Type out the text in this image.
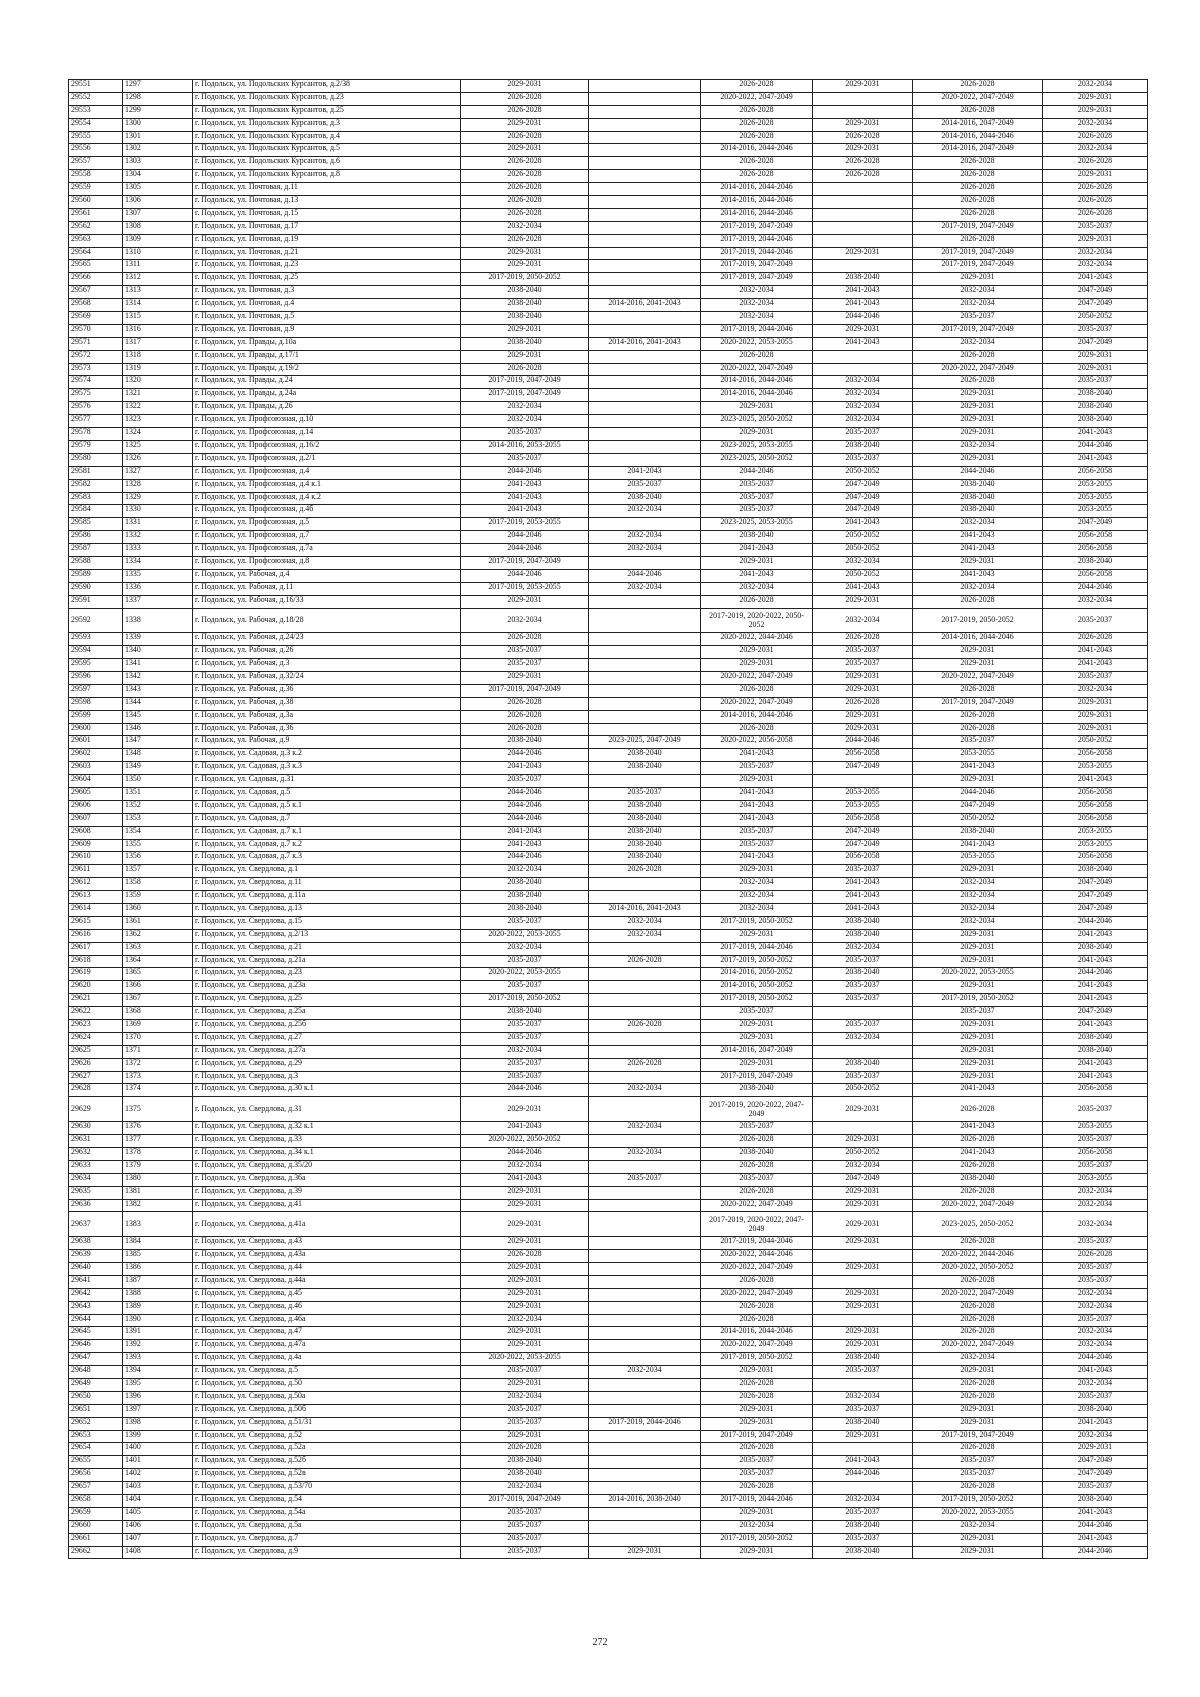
29551	1297	г. Подольск, ул. Подольских Курсантов, д.2/38	2029-2031		2026-2028	2029-2031	2026-2028	2032-2034
29552	1298	г. Подольск, ул. Подольских Курсантов, д.23	2026-2028		2020-2022, 2047-2049		2020-2022, 2047-2049	2029-2031
29553	1299	г. Подольск, ул. Подольских Курсантов, д.25	2026-2028		2026-2028		2026-2028	2029-2031
29554	1300	г. Подольск, ул. Подольских Курсантов, д.3	2029-2031		2026-2028	2029-2031	2014-2016, 2047-2049	2032-2034
29555	1301	г. Подольск, ул. Подольских Курсантов, д.4	2026-2028		2026-2028	2026-2028	2014-2016, 2044-2046	2026-2028
29556	1302	г. Подольск, ул. Подольских Курсантов, д.5	2029-2031		2014-2016, 2044-2046	2029-2031	2014-2016, 2047-2049	2032-2034
29557	1303	г. Подольск, ул. Подольских Курсантов, д.6	2026-2028		2026-2028	2026-2028	2026-2028	2026-2028
29558	1304	г. Подольск, ул. Подольских Курсантов, д.8	2026-2028		2026-2028	2026-2028	2026-2028	2029-2031
29559	1305	г. Подольск, ул. Почтовая, д.11	2026-2028		2014-2016, 2044-2046		2026-2028	2026-2028
29560	1306	г. Подольск, ул. Почтовая, д.13	2026-2028		2014-2016, 2044-2046		2026-2028	2026-2028
29561	1307	г. Подольск, ул. Почтовая, д.15	2026-2028		2014-2016, 2044-2046		2026-2028	2026-2028
29562	1308	г. Подольск, ул. Почтовая, д.17	2032-2034		2017-2019, 2047-2049		2017-2019, 2047-2049	2035-2037
29563	1309	г. Подольск, ул. Почтовая, д.19	2026-2028		2017-2019, 2044-2046		2026-2028	2029-2031
29564	1310	г. Подольск, ул. Почтовая, д.21	2029-2031		2017-2019, 2044-2046	2029-2031	2017-2019, 2047-2049	2032-2034
29565	1311	г. Подольск, ул. Почтовая, д.23	2029-2031		2017-2019, 2047-2049		2017-2019, 2047-2049	2032-2034
29566	1312	г. Подольск, ул. Почтовая, д.25	2017-2019, 2050-2052		2017-2019, 2047-2049	2038-2040	2029-2031	2041-2043
29567	1313	г. Подольск, ул. Почтовая, д.3	2038-2040		2032-2034	2041-2043	2032-2034	2047-2049
29568	1314	г. Подольск, ул. Почтовая, д.4	2038-2040	2014-2016, 2041-2043	2032-2034	2041-2043	2032-2034	2047-2049
29569	1315	г. Подольск, ул. Почтовая, д.5	2038-2040		2032-2034	2044-2046	2035-2037	2050-2052
29570	1316	г. Подольск, ул. Почтовая, д.9	2029-2031		2017-2019, 2044-2046	2029-2031	2017-2019, 2047-2049	2035-2037
29571	1317	г. Подольск, ул. Правды, д.10а	2038-2040	2014-2016, 2041-2043	2020-2022, 2053-2055	2041-2043	2032-2034	2047-2049
29572	1318	г. Подольск, ул. Правды, д.17/1	2029-2031		2026-2028		2026-2028	2029-2031
29573	1319	г. Подольск, ул. Правды, д.19/2	2026-2028		2020-2022, 2047-2049		2020-2022, 2047-2049	2029-2031
29574	1320	г. Подольск, ул. Правды, д.24	2017-2019, 2047-2049		2014-2016, 2044-2046	2032-2034	2026-2028	2035-2037
29575	1321	г. Подольск, ул. Правды, д.24а	2017-2019, 2047-2049		2014-2016, 2044-2046	2032-2034	2029-2031	2038-2040
29576	1322	г. Подольск, ул. Правды, д.26	2032-2034		2029-2031	2032-2034	2029-2031	2038-2040
29577	1323	г. Подольск, ул. Профсоюзная, д.10	2032-2034		2023-2025, 2050-2052	2032-2034	2029-2031	2038-2040
29578	1324	г. Подольск, ул. Профсоюзная, д.14	2035-2037		2029-2031	2035-2037	2029-2031	2041-2043
29579	1325	г. Подольск, ул. Профсоюзная, д.16/2	2014-2016, 2053-2055		2023-2025, 2053-2055	2038-2040	2032-2034	2044-2046
29580	1326	г. Подольск, ул. Профсоюзная, д.2/1	2035-2037		2023-2025, 2050-2052	2035-2037	2029-2031	2041-2043
29581	1327	г. Подольск, ул. Профсоюзная, д.4	2044-2046	2041-2043	2044-2046	2050-2052	2044-2046	2056-2058
29582	1328	г. Подольск, ул. Профсоюзная, д.4 к.1	2041-2043	2035-2037	2035-2037	2047-2049	2038-2040	2053-2055
29583	1329	г. Подольск, ул. Профсоюзная, д.4 к.2	2041-2043	2038-2040	2035-2037	2047-2049	2038-2040	2053-2055
29584	1330	г. Подольск, ул. Профсоюзная, д.4б	2041-2043	2032-2034	2035-2037	2047-2049	2038-2040	2053-2055
29585	1331	г. Подольск, ул. Профсоюзная, д.5	2017-2019, 2053-2055		2023-2025, 2053-2055	2041-2043	2032-2034	2047-2049
29586	1332	г. Подольск, ул. Профсоюзная, д.7	2044-2046	2032-2034	2038-2040	2050-2052	2041-2043	2056-2058
29587	1333	г. Подольск, ул. Профсоюзная, д.7а	2044-2046	2032-2034	2041-2043	2050-2052	2041-2043	2056-2058
29588	1334	г. Подольск, ул. Профсоюзная, д.8	2017-2019, 2047-2049		2029-2031	2032-2034	2029-2031	2038-2040
29589	1335	г. Подольск, ул. Рабочая, д.4	2044-2046	2044-2046	2041-2043	2050-2052	2041-2043	2056-2058
29590	1336	г. Подольск, ул. Рабочая, д.11	2017-2019, 2053-2055	2032-2034	2032-2034	2041-2043	2032-2034	2044-2046
29591	1337	г. Подольск, ул. Рабочая, д.16/33	2029-2031		2026-2028	2029-2031	2026-2028	2032-2034
29592	1338	г. Подольск, ул. Рабочая, д.18/28	2032-2034		2017-2019, 2020-2022, 2050-2052	2032-2034	2017-2019, 2050-2052	2035-2037
29593	1339	г. Подольск, ул. Рабочая, д.24/23	2026-2028		2020-2022, 2044-2046	2026-2028	2014-2016, 2044-2046	2026-2028
29594	1340	г. Подольск, ул. Рабочая, д.26	2035-2037		2029-2031	2035-2037	2029-2031	2041-2043
29595	1341	г. Подольск, ул. Рабочая, д.3	2035-2037		2029-2031	2035-2037	2029-2031	2041-2043
29596	1342	г. Подольск, ул. Рабочая, д.32/24	2029-2031		2020-2022, 2047-2049	2029-2031	2020-2022, 2047-2049	2035-2037
29597	1343	г. Подольск, ул. Рабочая, д.36	2017-2019, 2047-2049		2026-2028	2029-2031	2026-2028	2032-2034
29598	1344	г. Подольск, ул. Рабочая, д.38	2026-2028		2020-2022, 2047-2049	2026-2028	2017-2019, 2047-2049	2029-2031
29599	1345	г. Подольск, ул. Рабочая, д.3а	2026-2028		2014-2016, 2044-2046	2029-2031	2026-2028	2029-2031
29600	1346	г. Подольск, ул. Рабочая, д.36	2026-2028		2026-2028	2029-2031	2026-2028	2029-2031
29601	1347	г. Подольск, ул. Рабочая, д.9	2038-2040	2023-2025, 2047-2049	2020-2022, 2056-2058	2044-2046	2035-2037	2050-2052
29602	1348	г. Подольск, ул. Садовая, д.3 к.2	2044-2046	2038-2040	2041-2043	2056-2058	2053-2055	2056-2058
29603	1349	г. Подольск, ул. Садовая, д.3 к.3	2041-2043	2038-2040	2035-2037	2047-2049	2041-2043	2053-2055
29604	1350	г. Подольск, ул. Садовая, д.31	2035-2037		2029-2031		2029-2031	2041-2043
29605	1351	г. Подольск, ул. Садовая, д.5	2044-2046	2035-2037	2041-2043	2053-2055	2044-2046	2056-2058
29606	1352	г. Подольск, ул. Садовая, д.5 к.1	2044-2046	2038-2040	2041-2043	2053-2055	2047-2049	2056-2058
29607	1353	г. Подольск, ул. Садовая, д.7	2044-2046	2038-2040	2041-2043	2056-2058	2050-2052	2056-2058
29608	1354	г. Подольск, ул. Садовая, д.7 к.1	2041-2043	2038-2040	2035-2037	2047-2049	2038-2040	2053-2055
29609	1355	г. Подольск, ул. Садовая, д.7 к.2	2041-2043	2038-2040	2035-2037	2047-2049	2041-2043	2053-2055
29610	1356	г. Подольск, ул. Садовая, д.7 к.3	2044-2046	2038-2040	2041-2043	2056-2058	2053-2055	2056-2058
29611	1357	г. Подольск, ул. Свердлова, д.1	2032-2034	2026-2028	2029-2031	2035-2037	2029-2031	2038-2040
29612	1358	г. Подольск, ул. Свердлова, д.11	2038-2040		2032-2034	2041-2043	2032-2034	2047-2049
29613	1359	г. Подольск, ул. Свердлова, д.11а	2038-2040		2032-2034	2041-2043	2032-2034	2047-2049
29614	1360	г. Подольск, ул. Свердлова, д.13	2038-2040	2014-2016, 2041-2043	2032-2034	2041-2043	2032-2034	2047-2049
29615	1361	г. Подольск, ул. Свердлова, д.15	2035-2037	2032-2034	2017-2019, 2050-2052	2038-2040	2032-2034	2044-2046
29616	1362	г. Подольск, ул. Свердлова, д.2/13	2020-2022, 2053-2055	2032-2034	2029-2031	2038-2040	2029-2031	2041-2043
29617	1363	г. Подольск, ул. Свердлова, д.21	2032-2034		2017-2019, 2044-2046	2032-2034	2029-2031	2038-2040
29618	1364	г. Подольск, ул. Свердлова, д.21а	2035-2037	2026-2028	2017-2019, 2050-2052	2035-2037	2029-2031	2041-2043
29619	1365	г. Подольск, ул. Свердлова, д.23	2020-2022, 2053-2055		2014-2016, 2050-2052	2038-2040	2020-2022, 2053-2055	2044-2046
29620	1366	г. Подольск, ул. Свердлова, д.23а	2035-2037		2014-2016, 2050-2052	2035-2037	2029-2031	2041-2043
29621	1367	г. Подольск, ул. Свердлова, д.25	2017-2019, 2050-2052		2017-2019, 2050-2052	2035-2037	2017-2019, 2050-2052	2041-2043
29622	1368	г. Подольск, ул. Свердлова, д.25а	2038-2040		2035-2037		2035-2037	2047-2049
29623	1369	г. Подольск, ул. Свердлова, д.25б	2035-2037	2026-2028	2029-2031	2035-2037	2029-2031	2041-2043
29624	1370	г. Подольск, ул. Свердлова, д.27	2035-2037		2029-2031	2032-2034	2029-2031	2038-2040
29625	1371	г. Подольск, ул. Свердлова, д.27а	2032-2034		2014-2016, 2047-2049		2029-2031	2038-2040
29626	1372	г. Подольск, ул. Свердлова, д.29	2035-2037	2026-2028	2029-2031	2038-2040	2029-2031	2041-2043
29627	1373	г. Подольск, ул. Свердлова, д.3	2035-2037		2017-2019, 2047-2049	2035-2037	2029-2031	2041-2043
29628	1374	г. Подольск, ул. Свердлова, д.30 к.1	2044-2046	2032-2034	2038-2040	2050-2052	2041-2043	2056-2058
29629	1375	г. Подольск, ул. Свердлова, д.31	2029-2031		2017-2019, 2020-2022, 2047-2049	2029-2031	2026-2028	2035-2037
29630	1376	г. Подольск, ул. Свердлова, д.32 к.1	2041-2043	2032-2034	2035-2037		2041-2043	2053-2055
29631	1377	г. Подольск, ул. Свердлова, д.33	2020-2022, 2050-2052		2026-2028	2029-2031	2026-2028	2035-2037
29632	1378	г. Подольск, ул. Свердлова, д.34 к.1	2044-2046	2032-2034	2038-2040	2050-2052	2041-2043	2056-2058
29633	1379	г. Подольск, ул. Свердлова, д.35/20	2032-2034		2026-2028	2032-2034	2026-2028	2035-2037
29634	1380	г. Подольск, ул. Свердлова, д.36а	2041-2043	2035-2037	2035-2037	2047-2049	2038-2040	2053-2055
29635	1381	г. Подольск, ул. Свердлова, д.39	2029-2031		2026-2028	2029-2031	2026-2028	2032-2034
29636	1382	г. Подольск, ул. Свердлова, д.41	2029-2031		2020-2022, 2047-2049	2029-2031	2020-2022, 2047-2049	2032-2034
29637	1383	г. Подольск, ул. Свердлова, д.41а	2029-2031		2017-2019, 2020-2022, 2047-2049	2029-2031	2023-2025, 2050-2052	2032-2034
29638	1384	г. Подольск, ул. Свердлова, д.43	2029-2031		2017-2019, 2044-2046	2029-2031	2026-2028	2035-2037
29639	1385	г. Подольск, ул. Свердлова, д.43а	2026-2028		2020-2022, 2044-2046		2020-2022, 2044-2046	2026-2028
29640	1386	г. Подольск, ул. Свердлова, д.44	2029-2031		2020-2022, 2047-2049	2029-2031	2020-2022, 2050-2052	2035-2037
29641	1387	г. Подольск, ул. Свердлова, д.44а	2029-2031		2026-2028		2026-2028	2035-2037
29642	1388	г. Подольск, ул. Свердлова, д.45	2029-2031		2020-2022, 2047-2049	2029-2031	2020-2022, 2047-2049	2032-2034
29643	1389	г. Подольск, ул. Свердлова, д.46	2029-2031		2026-2028	2029-2031	2026-2028	2032-2034
29644	1390	г. Подольск, ул. Свердлова, д.46а	2032-2034		2026-2028		2026-2028	2035-2037
29645	1391	г. Подольск, ул. Свердлова, д.47	2029-2031		2014-2016, 2044-2046	2029-2031	2026-2028	2032-2034
29646	1392	г. Подольск, ул. Свердлова, д.47а	2029-2031		2020-2022, 2047-2049	2029-2031	2020-2022, 2047-2049	2032-2034
29647	1393	г. Подольск, ул. Свердлова, д.4а	2020-2022, 2053-2055		2017-2019, 2050-2052	2038-2040	2032-2034	2044-2046
29648	1394	г. Подольск, ул. Свердлова, д.5	2035-2037	2032-2034	2029-2031	2035-2037	2029-2031	2041-2043
29649	1395	г. Подольск, ул. Свердлова, д.50	2029-2031		2026-2028		2026-2028	2032-2034
29650	1396	г. Подольск, ул. Свердлова, д.50а	2032-2034		2026-2028	2032-2034	2026-2028	2035-2037
29651	1397	г. Подольск, ул. Свердлова, д.50б	2035-2037		2029-2031	2035-2037	2029-2031	2038-2040
29652	1398	г. Подольск, ул. Свердлова, д.51/31	2035-2037	2017-2019, 2044-2046	2029-2031	2038-2040	2029-2031	2041-2043
29653	1399	г. Подольск, ул. Свердлова, д.52	2029-2031		2017-2019, 2047-2049	2029-2031	2017-2019, 2047-2049	2032-2034
29654	1400	г. Подольск, ул. Свердлова, д.52а	2026-2028		2026-2028		2026-2028	2029-2031
29655	1401	г. Подольск, ул. Свердлова, д.52б	2038-2040		2035-2037	2041-2043	2035-2037	2047-2049
29656	1402	г. Подольск, ул. Свердлова, д.52в	2038-2040		2035-2037	2044-2046	2035-2037	2047-2049
29657	1403	г. Подольск, ул. Свердлова, д.53/70	2032-2034		2026-2028		2026-2028	2035-2037
29658	1404	г. Подольск, ул. Свердлова, д.54	2017-2019, 2047-2049	2014-2016, 2038-2040	2017-2019, 2044-2046	2032-2034	2017-2019, 2050-2052	2038-2040
29659	1405	г. Подольск, ул. Свердлова, д.54а	2035-2037		2029-2031	2035-2037	2020-2022, 2053-2055	2041-2043
29660	1406	г. Подольск, ул. Свердлова, д.5а	2035-2037		2032-2034	2038-2040	2032-2034	2044-2046
29661	1407	г. Подольск, ул. Свердлова, д.7	2035-2037		2017-2019, 2050-2052	2035-2037	2029-2031	2041-2043
29662	1408	г. Подольск, ул. Свердлова, д.9	2035-2037	2029-2031	2029-2031	2038-2040	2029-2031	2044-2046
272
